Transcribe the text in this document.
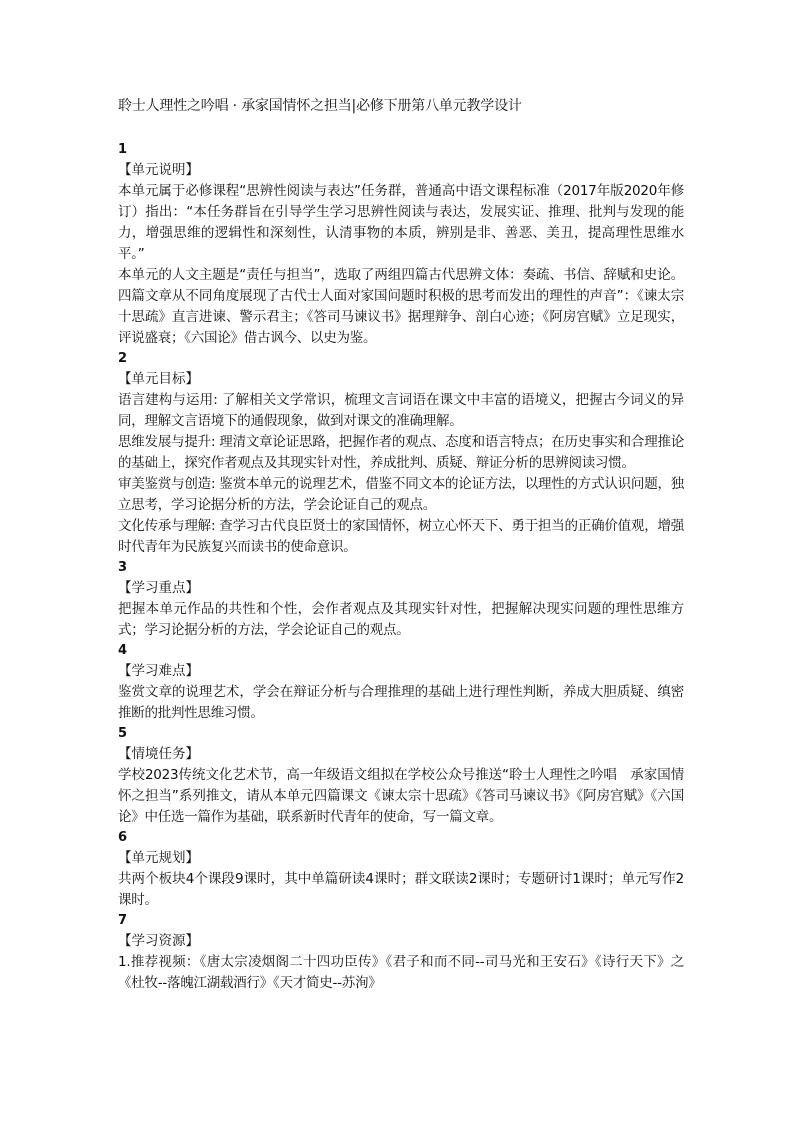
聆士人理性之吟唱 · 承家国情怀之担当|必修下册第八单元教学设计
1
【单元说明】

本单元属于必修课程“思辨性阅读与表达”任务群，普通高中语文课程标准（2017年版2020年修订）指出：“本任务群旨在引导学生学习思辨性阅读与表达，发展实证、推理、批判与发现的能力，增强思维的逻辑性和深刻性，认清事物的本质，辨别是非、善恶、美丑，提高理性思维水平。”

本单元的人文主题是“责任与担当”，选取了两组四篇古代思辨文体：奏疏、书信、辞赋和史论。四篇文章从不同角度展现了古代士人面对家国问题时积极的思考而发出的理性的声音”：《谏太宗十思疏》直言进谏、警示君主；《答司马谏议书》据理辩争、剖白心迹；《阿房宫赋》立足现实，评说盛衰；《六国论》借古讽今、以史为鉴。

2
【单元目标】

语言建构与运用: 了解相关文学常识，梳理文言词语在课文中丰富的语境义，把握古今词义的异同，理解文言语境下的通假现象，做到对课文的准确理解。

思维发展与提升: 理清文章论证思路，把握作者的观点、态度和语言特点；在历史事实和合理推论的基础上，探究作者观点及其现实针对性，养成批判、质疑、辩证分析的思辨阅读习惯。

审美鉴赏与创造: 鉴赏本单元的说理艺术，借鉴不同文本的论证方法，以理性的方式认识问题，独立思考，学习论据分析的方法，学会论证自己的观点。

文化传承与理解: 查学习古代良臣贤士的家国情怀，树立心怀天下、勇于担当的正确价值观，增强时代青年为民族复兴而读书的使命意识。

3
【学习重点】

把握本单元作品的共性和个性，会作者观点及其现实针对性，把握解决现实问题的理性思维方式；学习论据分析的方法，学会论证自己的观点。

4
【学习难点】

鉴赏文章的说理艺术，学会在辩证分析与合理推理的基础上进行理性判断，养成大胆质疑、缜密推断的批判性思维习惯。

5
【情境任务】

学校2023传统文化艺术节，高一年级语文组拟在学校公众号推送“聆士人理性之吟唱　承家国情怀之担当”系列推文，请从本单元四篇课文《谏太宗十思疏》《答司马谏议书》《阿房宫赋》《六国论》中任选一篇作为基础，联系新时代青年的使命，写一篇文章。

6
【单元规划】

共两个板块4个课段9课时，其中单篇研读4课时；群文联读2课时；专题研讨1课时；单元写作2课时。

7
【学习资源】

1.推荐视频：《唐太宗凌烟阁二十四功臣传》《君子和而不同--司马光和王安石》《诗行天下》之《杜牧--落魄江湖载酒行》《天才简史--苏洵》
